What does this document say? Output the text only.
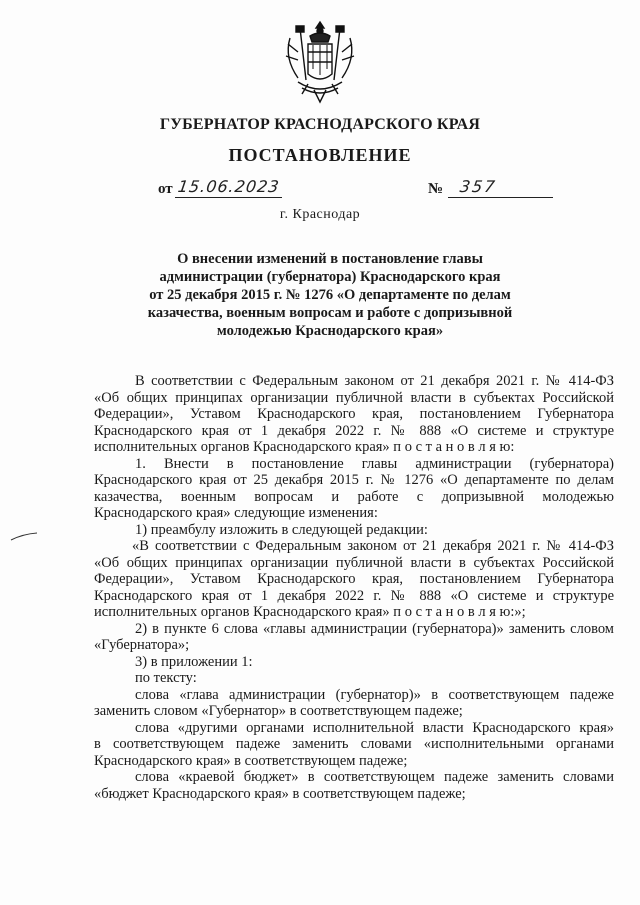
ГУБЕРНАТОР КРАСНОДАРСКОГО КРАЯ
ПОСТАНОВЛЕНИЕ
от 15.06.2023	№ 357
г. Краснодар
О внесении изменений в постановление главы
администрации (губернатора) Краснодарского края
от 25 декабря 2015 г. № 1276 «О департаменте по делам
казачества, военным вопросам и работе с допризывной
молодежью Краснодарского края»
В соответствии с Федеральным законом от 21 декабря 2021 г. № 414-ФЗ
«Об общих принципах организации публичной власти в субъектах Российской
Федерации», Уставом Краснодарского края, постановлением Губернатора
Краснодарского края от 1 декабря 2022 г. № 888 «О системе и структуре
исполнительных органов Краснодарского края» п о с т а н о в л я ю:
1. Внести в постановление главы администрации (губернатора)
Краснодарского края от 25 декабря 2015 г. № 1276 «О департаменте по делам
казачества, военным вопросам и работе с допризывной молодежью
Краснодарского края» следующие изменения:
1) преамбулу изложить в следующей редакции:
«В соответствии с Федеральным законом от 21 декабря 2021 г. № 414-ФЗ
«Об общих принципах организации публичной власти в субъектах Российской
Федерации», Уставом Краснодарского края, постановлением Губернатора
Краснодарского края от 1 декабря 2022 г. № 888 «О системе и структуре
исполнительных органов Краснодарского края» п о с т а н о в л я ю:»;
2) в пункте 6 слова «главы администрации (губернатора)» заменить словом
«Губернатора»;
3) в приложении 1:
по тексту:
слова «глава администрации (губернатор)» в соответствующем падеже
заменить словом «Губернатор» в соответствующем падеже;
слова «другими органами исполнительной власти Краснодарского края»
в соответствующем падеже заменить словами «исполнительными органами
Краснодарского края» в соответствующем падеже;
слова «краевой бюджет» в соответствующем падеже заменить словами
«бюджет Краснодарского края» в соответствующем падеже;
